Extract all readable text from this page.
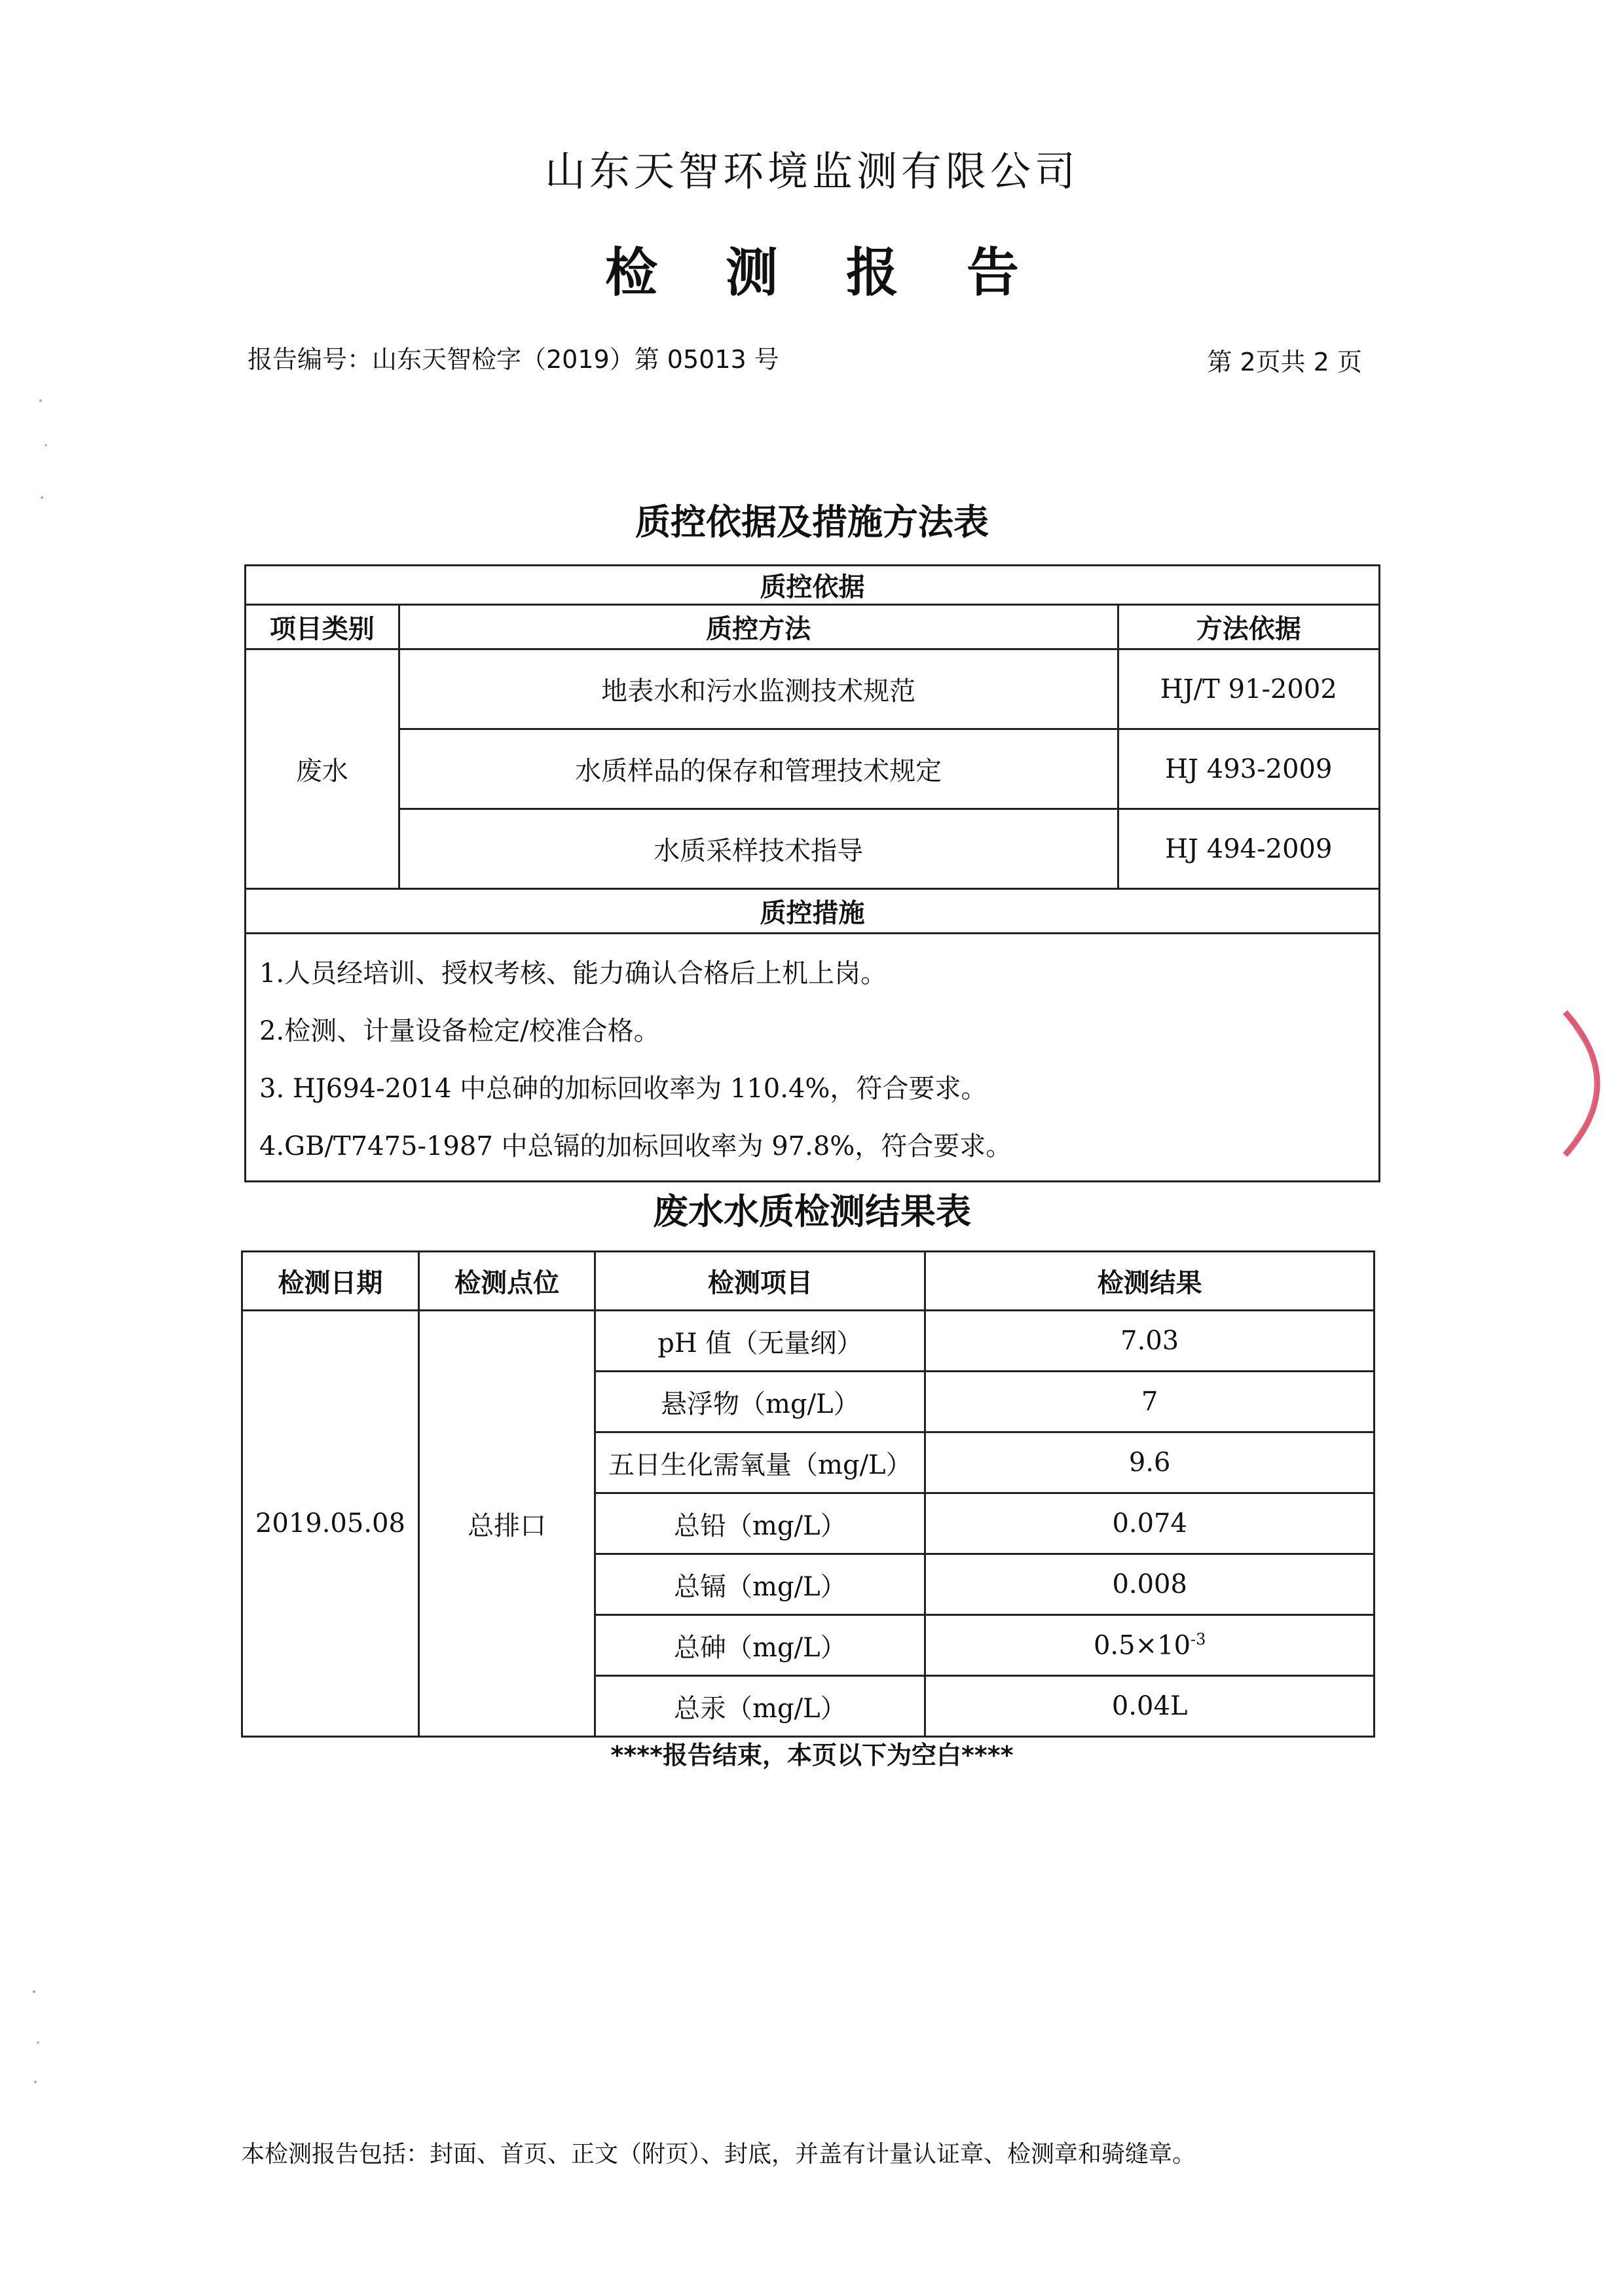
山东天智环境监测有限公司
检 测 报 告
报告编号：山东天智检字（2019）第 05013 号	第 2页共 2 页
质控依据及措施方法表
质控依据		
项目类别	质控方法	方法依据
废水	地表水和污水监测技术规范	HJ/T 91-2002
	水质样品的保存和管理技术规定	HJ 493-2009
	水质采样技术指导	HJ 494-2009
质控措施		

1.人员经培训、授权考核、能力确认合格后上机上岗。
2.检测、计量设备检定/校准合格。
3. HJ694-2014 中总砷的加标回收率为 110.4%，符合要求。
4.GB/T7475-1987 中总镉的加标回收率为 97.8%，符合要求。		
废水水质检测结果表
检测日期	检测点位	检测项目	检测结果
2019.05.08	总排口	pH 值（无量纲）	7.03
		悬浮物（mg/L）	7
		五日生化需氧量（mg/L）	9.6
		总铅（mg/L）	0.074
		总镉（mg/L）	0.008
		总砷（mg/L）	$0.5\times 10^{-3}$
		总汞（mg/L）	0.04L
****报告结束，本页以下为空白****
本检测报告包括：封面、首页、正文（附页）、封底，并盖有计量认证章、检测章和骑缝章。
